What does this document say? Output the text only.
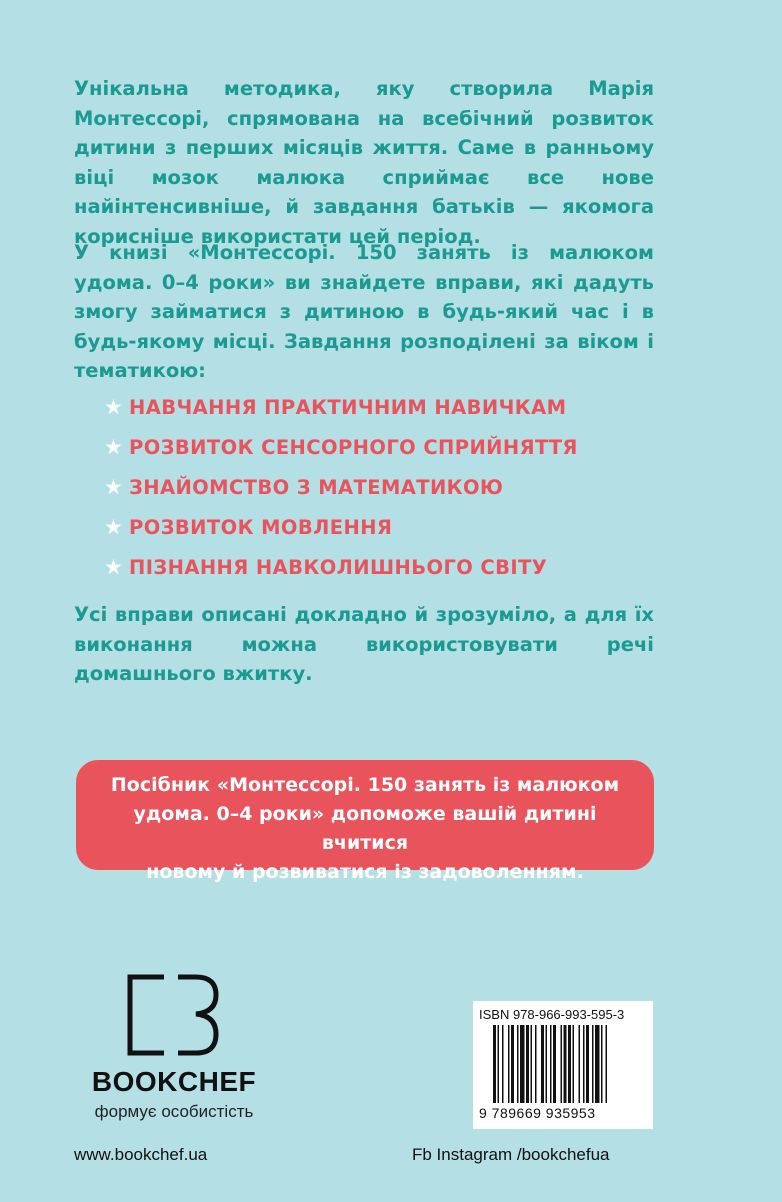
Унікальна методика, яку створила Марія Монтессорі, спрямована на всебічний розвиток дитини з перших місяців життя. Саме в ранньому віці мозок малюка сприймає все нове найінтенсивніше, й завдання батьків — якомога корисніше використати цей період.

У книзі «Монтессорі. 150 занять із малюком удома. 0–4 роки» ви знайдете вправи, які дадуть змогу займатися з дитиною в будь-який час і в будь-якому місці. Завдання розподілені за віком і тематикою:

★ НАВЧАННЯ ПРАКТИЧНИМ НАВИЧКАМ
★ РОЗВИТОК СЕНСОРНОГО СПРИЙНЯТТЯ
★ ЗНАЙОМСТВО З МАТЕМАТИКОЮ
★ РОЗВИТОК МОВЛЕННЯ
★ ПІЗНАННЯ НАВКОЛИШНЬОГО СВІТУ

Усі вправи описані докладно й зрозуміло, а для їх виконання можна використовувати речі домашнього вжитку.

Посібник «Монтессорі. 150 занять із малюком
удома. 0–4 роки» допоможе вашій дитині вчитися
новому й розвиватися із задоволенням.
BOOKCHEF
формує особистість
www.bookchef.ua
ISBN 978-966-993-595-3
9 789669 935953
Fb Instagram /bookchefua
